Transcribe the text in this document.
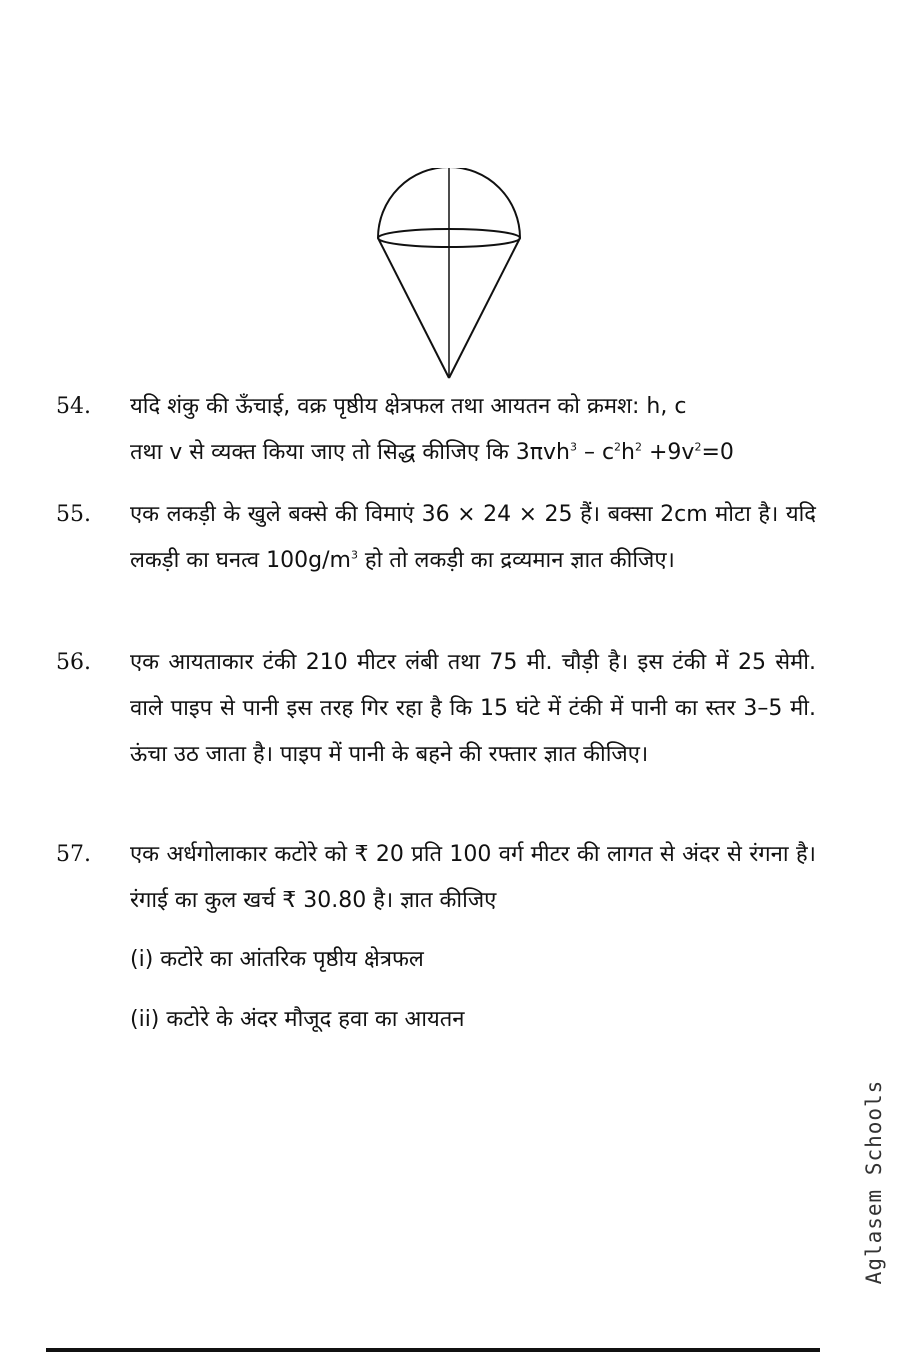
54. यदि शंकु की ऊँचाई, वक्र पृष्ठीय क्षेत्रफल तथा आयतन को क्रमश: h, c
तथा v से व्यक्त किया जाए तो सिद्ध कीजिए कि $3\pi vh^3 - c^2h^2 +9v^2=0$
55. एक लकड़ी के खुले बक्से की विमाएं 36 × 24 × 25 हैं। बक्सा 2cm मोटा है। यदि लकड़ी का घनत्व $100g/m^3$ हो तो लकड़ी का द्रव्यमान ज्ञात कीजिए।
56. एक आयताकार टंकी 210 मीटर लंबी तथा 75 मी. चौड़ी है। इस टंकी में 25 सेमी. वाले पाइप से पानी इस तरह गिर रहा है कि 15 घंटे में टंकी में पानी का स्तर 3–5 मी. ऊंचा उठ जाता है। पाइप में पानी के बहने की रफ्तार ज्ञात कीजिए।
57. एक अर्धगोलाकार कटोरे को ₹ 20 प्रति 100 वर्ग मीटर की लागत से अंदर से रंगना है। रंगाई का कुल खर्च ₹ 30.80 है। ज्ञात कीजिए
(i) कटोरे का आंतरिक पृष्ठीय क्षेत्रफल
(ii) कटोरे के अंदर मौजूद हवा का आयतन
Aglasem Schools
